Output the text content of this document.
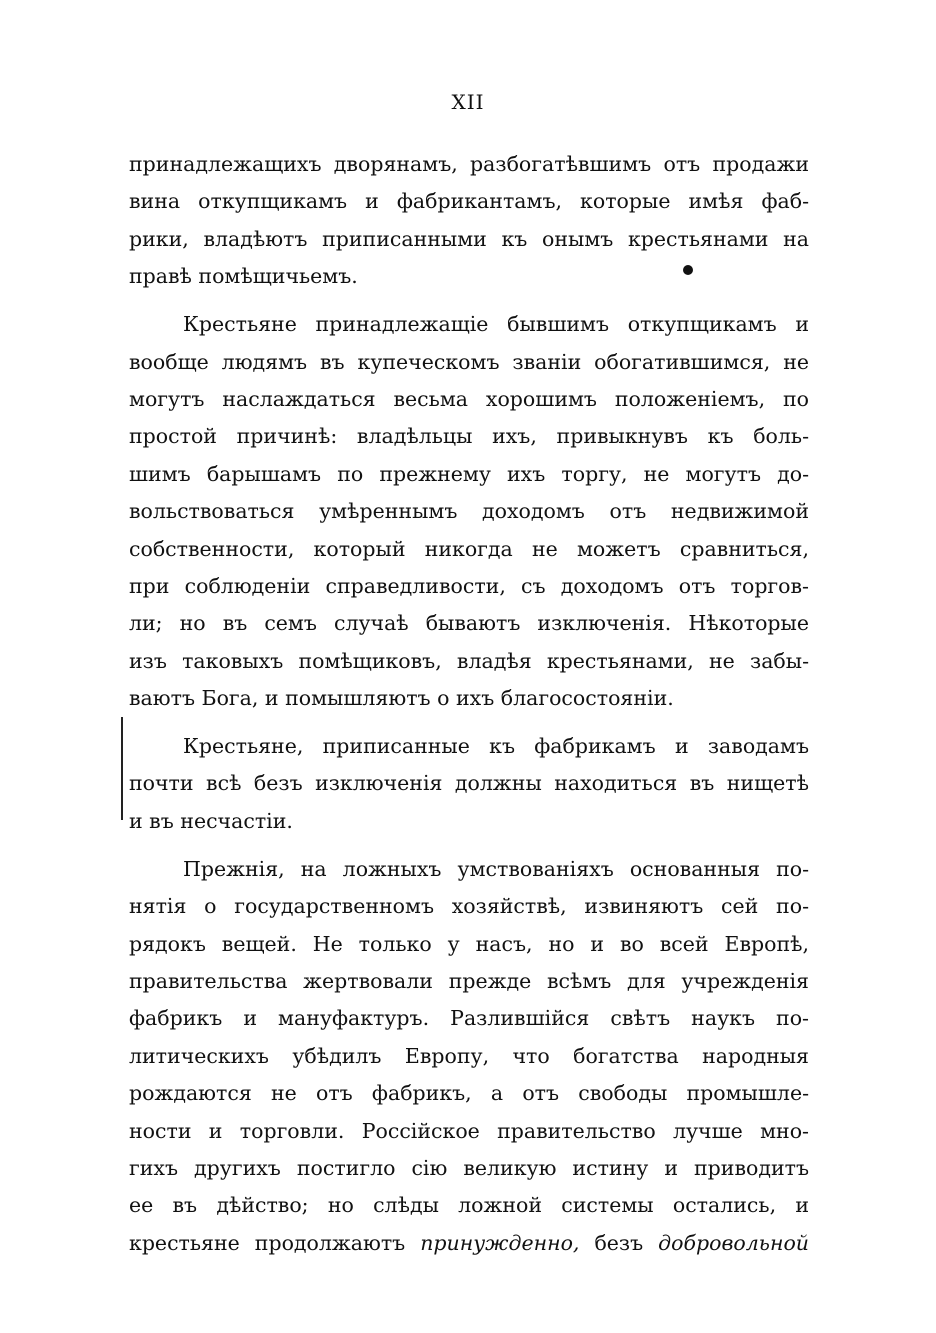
XII

принадлежащихъ дворянамъ, разбогатѣвшимъ отъ продажи
вина откупщикамъ и фабрикантамъ, которые имѣя фаб-
рики, владѣютъ приписанными къ онымъ крестьянами на
правѣ помѣщичьемъ.

Крестьяне принадлежащіе бывшимъ откупщикамъ и
вообще людямъ въ купеческомъ званіи обогатившимся, не
могутъ наслаждаться весьма хорошимъ положеніемъ, по
простой причинѣ: владѣльцы ихъ, привыкнувъ къ боль-
шимъ барышамъ по прежнему ихъ торгу, не могутъ до-
вольствоваться умѣреннымъ доходомъ отъ недвижимой
собственности, который никогда не можетъ сравниться,
при соблюденіи справедливости, съ доходомъ отъ торгов-
ли; но въ семъ случаѣ бываютъ изключенія. Нѣкоторые
изъ таковыхъ помѣщиковъ, владѣя крестьянами, не забы-
ваютъ Бога, и помышляютъ о ихъ благосостояніи.

Крестьяне, приписанные къ фабрикамъ и заводамъ
почти всѣ безъ изключенія должны находиться въ нищетѣ
и въ несчастіи.

Прежнія, на ложныхъ умствованіяхъ основанныя по-
нятія о государственномъ хозяйствѣ, извиняютъ сей по-
рядокъ вещей. Не только у насъ, но и во всей Европѣ,
правительства жертвовали прежде всѣмъ для учрежденія
фабрикъ и мануфактуръ. Разлившійся свѣтъ наукъ по-
литическихъ убѣдилъ Европу, что богатства народныя
рождаются не отъ фабрикъ, а отъ свободы промышле-
ности и торговли. Россійское правительство лучше мно-
гихъ другихъ постигло сію великую истину и приводитъ
ее въ дѣйство; но слѣды ложной системы остались, и
крестьяне продолжаютъ принужденно, безъ добровольной
